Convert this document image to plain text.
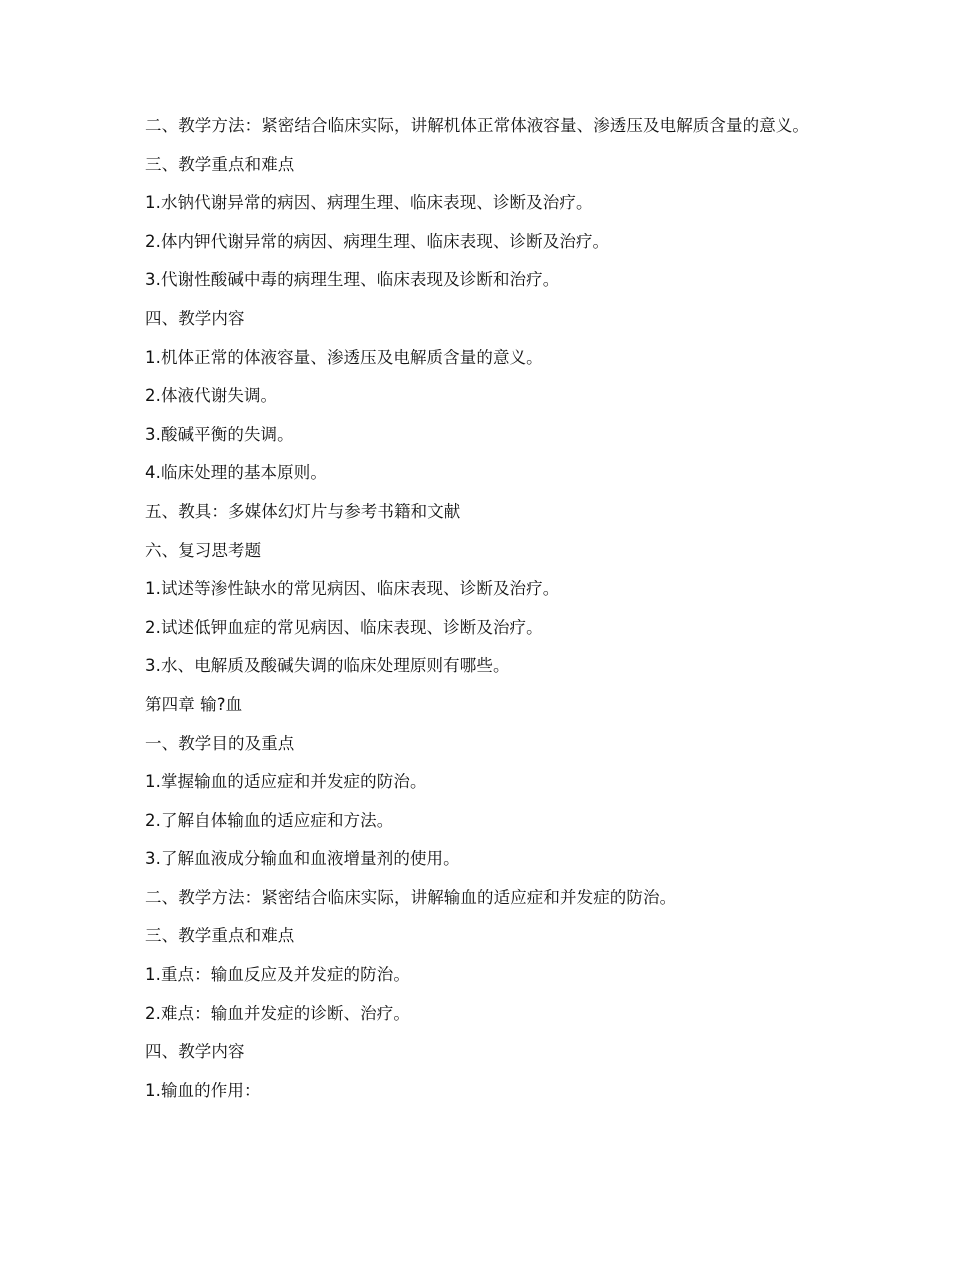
二、教学方法：紧密结合临床实际，讲解机体正常体液容量、渗透压及电解质含量的意义。

三、教学重点和难点

1.水钠代谢异常的病因、病理生理、临床表现、诊断及治疗。

2.体内钾代谢异常的病因、病理生理、临床表现、诊断及治疗。

3.代谢性酸碱中毒的病理生理、临床表现及诊断和治疗。

四、教学内容

1.机体正常的体液容量、渗透压及电解质含量的意义。

2.体液代谢失调。

3.酸碱平衡的失调。

4.临床处理的基本原则。

五、教具：多媒体幻灯片与参考书籍和文献

六、复习思考题

1.试述等渗性缺水的常见病因、临床表现、诊断及治疗。

2.试述低钾血症的常见病因、临床表现、诊断及治疗。

3.水、电解质及酸碱失调的临床处理原则有哪些。

第四章 输?血

一、教学目的及重点

1.掌握输血的适应症和并发症的防治。

2.了解自体输血的适应症和方法。

3.了解血液成分输血和血液增量剂的使用。

二、教学方法：紧密结合临床实际，讲解输血的适应症和并发症的防治。

三、教学重点和难点

1.重点：输血反应及并发症的防治。

2.难点：输血并发症的诊断、治疗。

四、教学内容

1.输血的作用：
